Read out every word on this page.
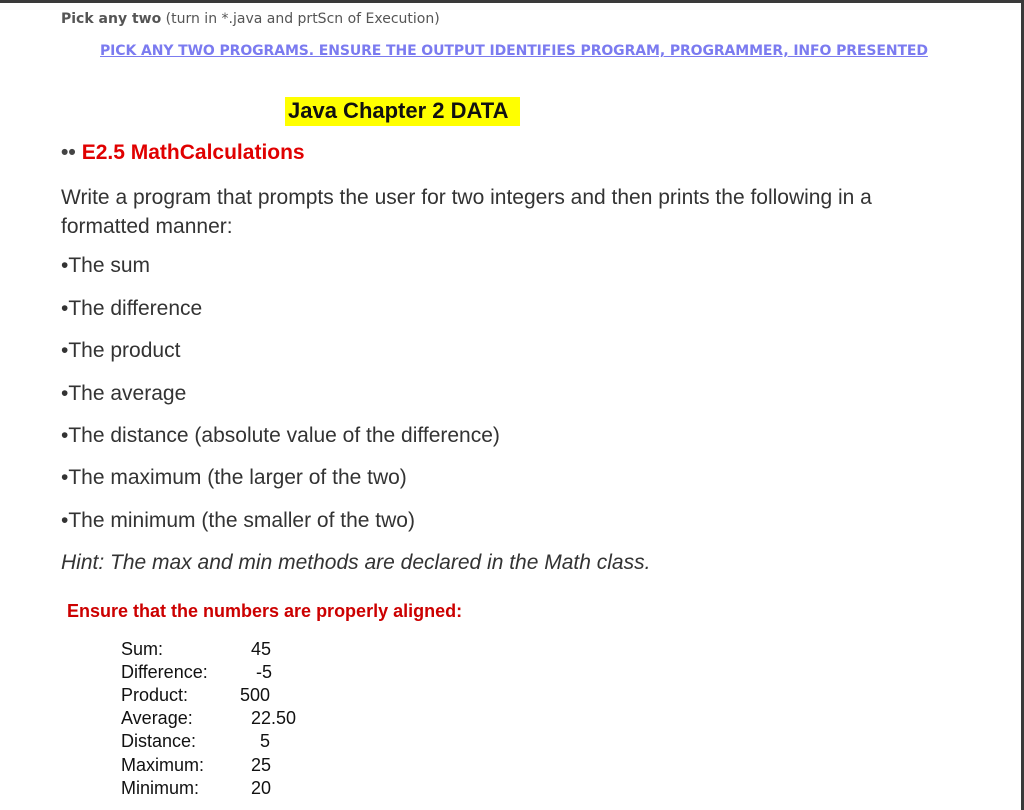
Pick any two (turn in *.java and prtScn of Execution)
PICK ANY TWO PROGRAMS. ENSURE THE OUTPUT IDENTIFIES PROGRAM, PROGRAMMER, INFO PRESENTED
Java Chapter 2 DATA
•• E2.5 MathCalculations
Write a program that prompts the user for two integers and then prints the following in a formatted manner:
•The sum
•The difference
•The product
•The average
•The distance (absolute value of the difference)
•The maximum (the larger of the two)
•The minimum (the smaller of the two)
Hint: The max and min methods are declared in the Math class.
Ensure that the numbers are properly aligned:
Sum:	45
Difference:	-5
Product:	500
Average:	22.50
Distance:	5
Maximum:	25
Minimum:	20
